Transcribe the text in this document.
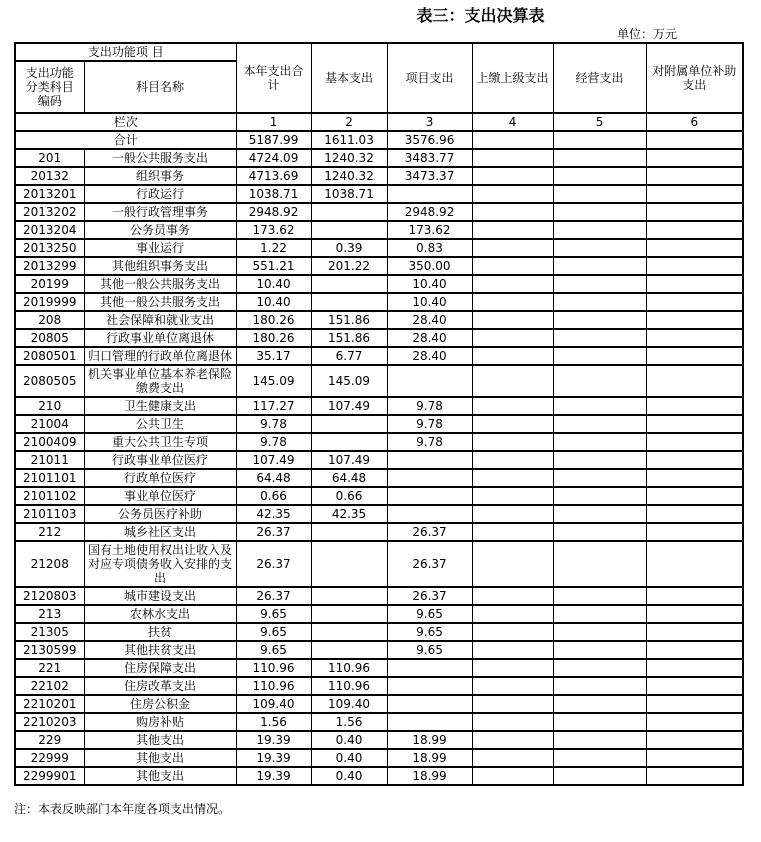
表三：支出决算表
单位：万元
支出功能项 目		本年支出合计	基本支出	项目支出	上缴上级支出	经营支出	对附属单位补助支出
支出功能分类科目编码	科目名称						
栏次		1	2	3	4	5	6
合计		5187.99	1611.03	3576.96			
201	一般公共服务支出	4724.09	1240.32	3483.77			
20132	组织事务	4713.69	1240.32	3473.37			
2013201	行政运行	1038.71	1038.71				
2013202	一般行政管理事务	2948.92		2948.92			
2013204	公务员事务	173.62		173.62			
2013250	事业运行	1.22	0.39	0.83			
2013299	其他组织事务支出	551.21	201.22	350.00			
20199	其他一般公共服务支出	10.40		10.40			
2019999	其他一般公共服务支出	10.40		10.40			
208	社会保障和就业支出	180.26	151.86	28.40			
20805	行政事业单位离退休	180.26	151.86	28.40			
2080501	归口管理的行政单位离退休	35.17	6.77	28.40			
2080505	机关事业单位基本养老保险缴费支出	145.09	145.09				
210	卫生健康支出	117.27	107.49	9.78			
21004	公共卫生	9.78		9.78			
2100409	重大公共卫生专项	9.78		9.78			
21011	行政事业单位医疗	107.49	107.49				
2101101	行政单位医疗	64.48	64.48				
2101102	事业单位医疗	0.66	0.66				
2101103	公务员医疗补助	42.35	42.35				
212	城乡社区支出	26.37		26.37			
21208	国有土地使用权出让收入及对应专项债务收入安排的支出	26.37		26.37			
2120803	城市建设支出	26.37		26.37			
213	农林水支出	9.65		9.65			
21305	扶贫	9.65		9.65			
2130599	其他扶贫支出	9.65		9.65			
221	住房保障支出	110.96	110.96				
22102	住房改革支出	110.96	110.96				
2210201	住房公积金	109.40	109.40				
2210203	购房补贴	1.56	1.56				
229	其他支出	19.39	0.40	18.99			
22999	其他支出	19.39	0.40	18.99			
2299901	其他支出	19.39	0.40	18.99			
注：本表反映部门本年度各项支出情况。
